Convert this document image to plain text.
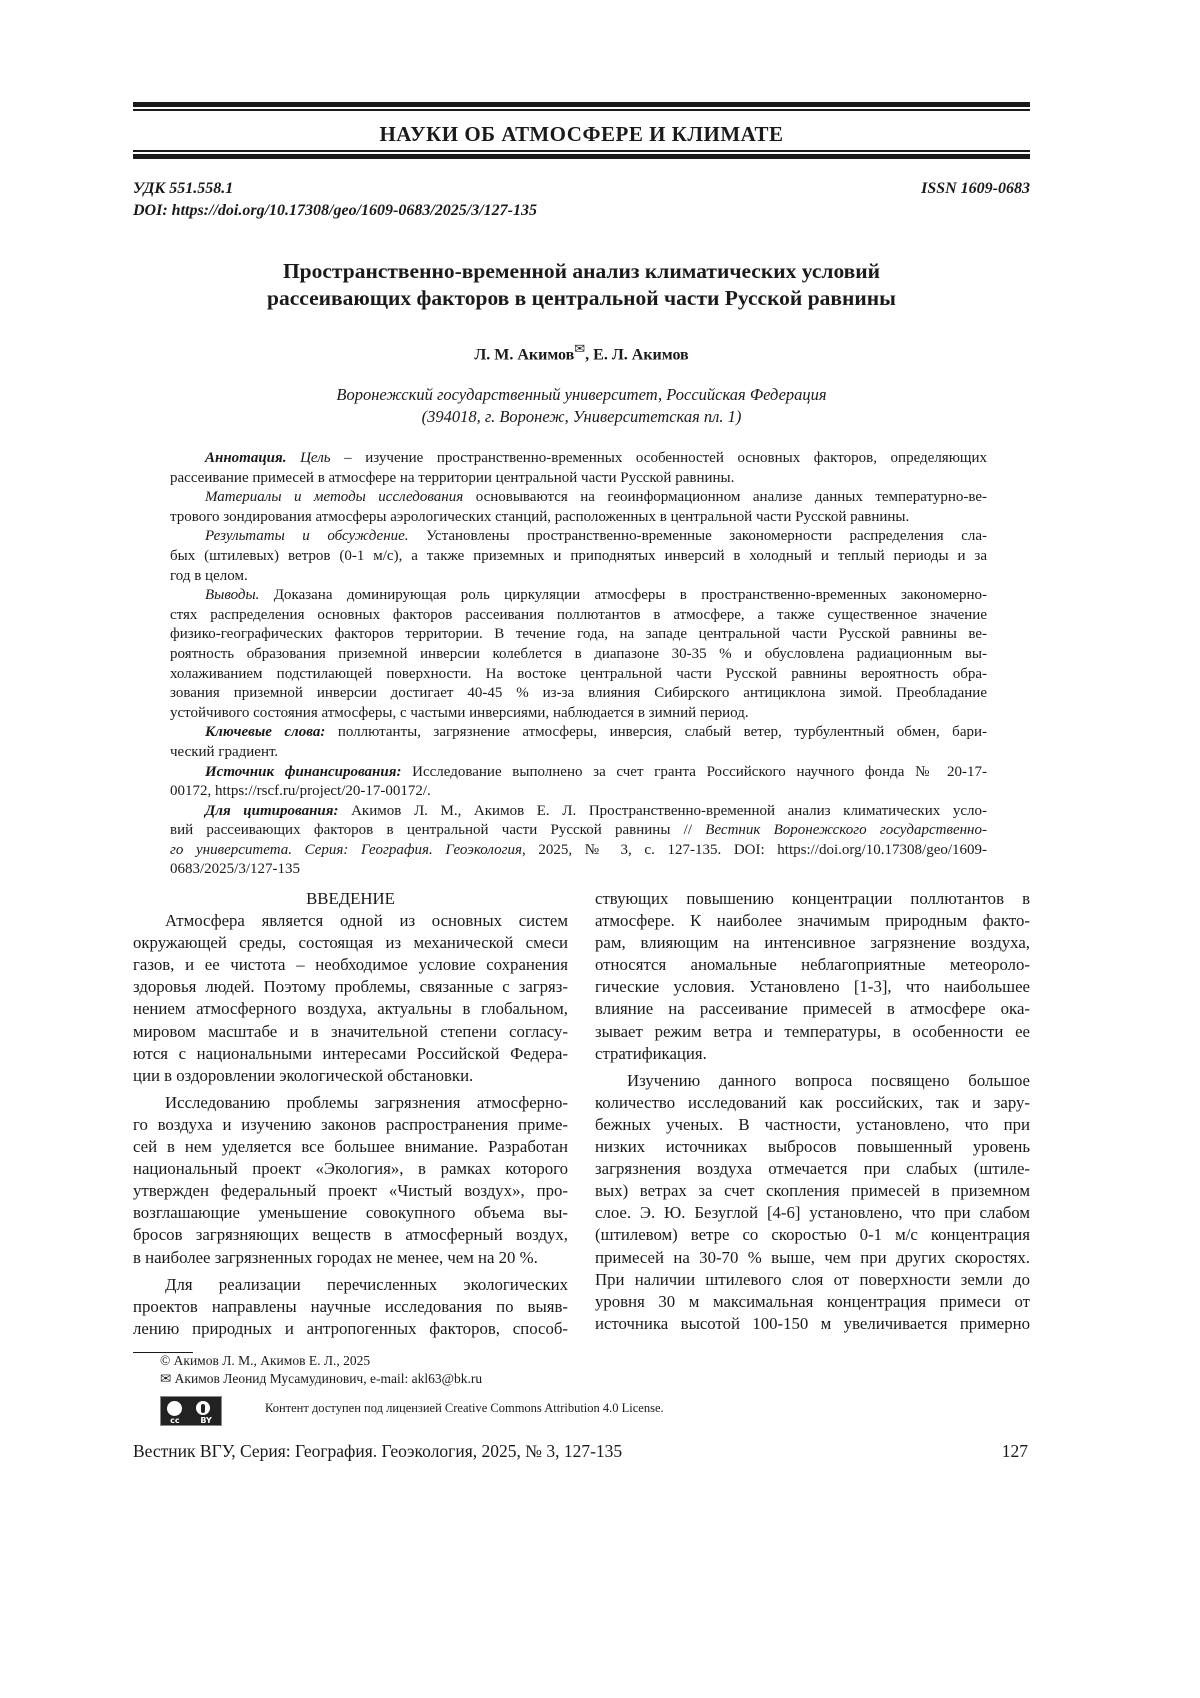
НАУКИ ОБ АТМОСФЕРЕ И КЛИМАТЕ
УДК 551.558.1
DOI: https://doi.org/10.17308/geo/1609-0683/2025/3/127-135
ISSN 1609-0683
Пространственно-временной анализ климатических условий
рассеивающих факторов в центральной части Русской равнины
Л. М. Акимов✉, Е. Л. Акимов
Воронежский государственный университет, Российская Федерация
(394018, г. Воронеж, Университетская пл. 1)
Аннотация. Цель – изучение пространственно-временных особенностей основных факторов, определяющих
рассеивание примесей в атмосфере на территории центральной части Русской равнины.
Материалы и методы исследования основываются на геоинформационном анализе данных температурно-ве-
трового зондирования атмосферы аэрологических станций, расположенных в центральной части Русской равнины.
Результаты и обсуждение. Установлены пространственно-временные закономерности распределения сла-
бых (штилевых) ветров (0-1 м/с), а также приземных и приподнятых инверсий в холодный и теплый периоды и за
год в целом.
Выводы. Доказана доминирующая роль циркуляции атмосферы в пространственно-временных закономерно-
стях распределения основных факторов рассеивания поллютантов в атмосфере, а также существенное значение
физико-географических факторов территории. В течение года, на западе центральной части Русской равнины ве-
роятность образования приземной инверсии колеблется в диапазоне 30-35 % и обусловлена радиационным вы-
холаживанием подстилающей поверхности. На востоке центральной части Русской равнины вероятность обра-
зования приземной инверсии достигает 40-45 % из-за влияния Сибирского антициклона зимой. Преобладание
устойчивого состояния атмосферы, с частыми инверсиями, наблюдается в зимний период.
Ключевые слова: поллютанты, загрязнение атмосферы, инверсия, слабый ветер, турбулентный обмен, бари-
ческий градиент.
Источник финансирования: Исследование выполнено за счет гранта Российского научного фонда № 20-17-
00172, https://rscf.ru/project/20-17-00172/.
Для цитирования: Акимов Л. М., Акимов Е. Л. Пространственно-временной анализ климатических усло-
вий рассеивающих факторов в центральной части Русской равнины // Вестник Воронежского государственно-
го университета. Серия: География. Геоэкология, 2025, № 3, с. 127-135. DOI: https://doi.org/10.17308/geo/1609-
0683/2025/3/127-135
ВВЕДЕНИЕ
Атмосфера является одной из основных систем
окружающей среды, состоящая из механической смеси
газов, и ее чистота – необходимое условие сохранения
здоровья людей. Поэтому проблемы, связанные с загряз-
нением атмосферного воздуха, актуальны в глобальном,
мировом масштабе и в значительной степени согласу-
ются с национальными интересами Российской Федера-
ции в оздоровлении экологической обстановки.
Исследованию проблемы загрязнения атмосферно-
го воздуха и изучению законов распространения приме-
сей в нем уделяется все большее внимание. Разработан
национальный проект «Экология», в рамках которого
утвержден федеральный проект «Чистый воздух», про-
возглашающие уменьшение совокупного объема вы-
бросов загрязняющих веществ в атмосферный воздух,
в наиболее загрязненных городах не менее, чем на 20 %.
Для реализации перечисленных экологических
проектов направлены научные исследования по выяв-
лению природных и антропогенных факторов, способ-
ствующих повышению концентрации поллютантов в
атмосфере. К наиболее значимым природным факто-
рам, влияющим на интенсивное загрязнение воздуха,
относятся аномальные неблагоприятные метеороло-
гические условия. Установлено [1-3], что наибольшее
влияние на рассеивание примесей в атмосфере ока-
зывает режим ветра и температуры, в особенности ее
стратификация.
Изучению данного вопроса посвящено большое
количество исследований как российских, так и зару-
бежных ученых. В частности, установлено, что при
низких источниках выбросов повышенный уровень
загрязнения воздуха отмечается при слабых (штиле-
вых) ветрах за счет скопления примесей в приземном
слое. Э. Ю. Безуглой [4-6] установлено, что при слабом
(штилевом) ветре со скоростью 0-1 м/с концентрация
примесей на 30-70 % выше, чем при других скоростях.
При наличии штилевого слоя от поверхности земли до
уровня 30 м максимальная концентрация примеси от
источника высотой 100-150 м увеличивается примерно
© Акимов Л. М., Акимов Е. Л., 2025
✉ Акимов Леонид Мусамудинович, e-mail: akl63@bk.ru
cc BY
Контент доступен под лицензией Creative Commons Attribution 4.0 License.
Вестник ВГУ, Серия: География. Геоэкология, 2025, № 3, 127-135	127
